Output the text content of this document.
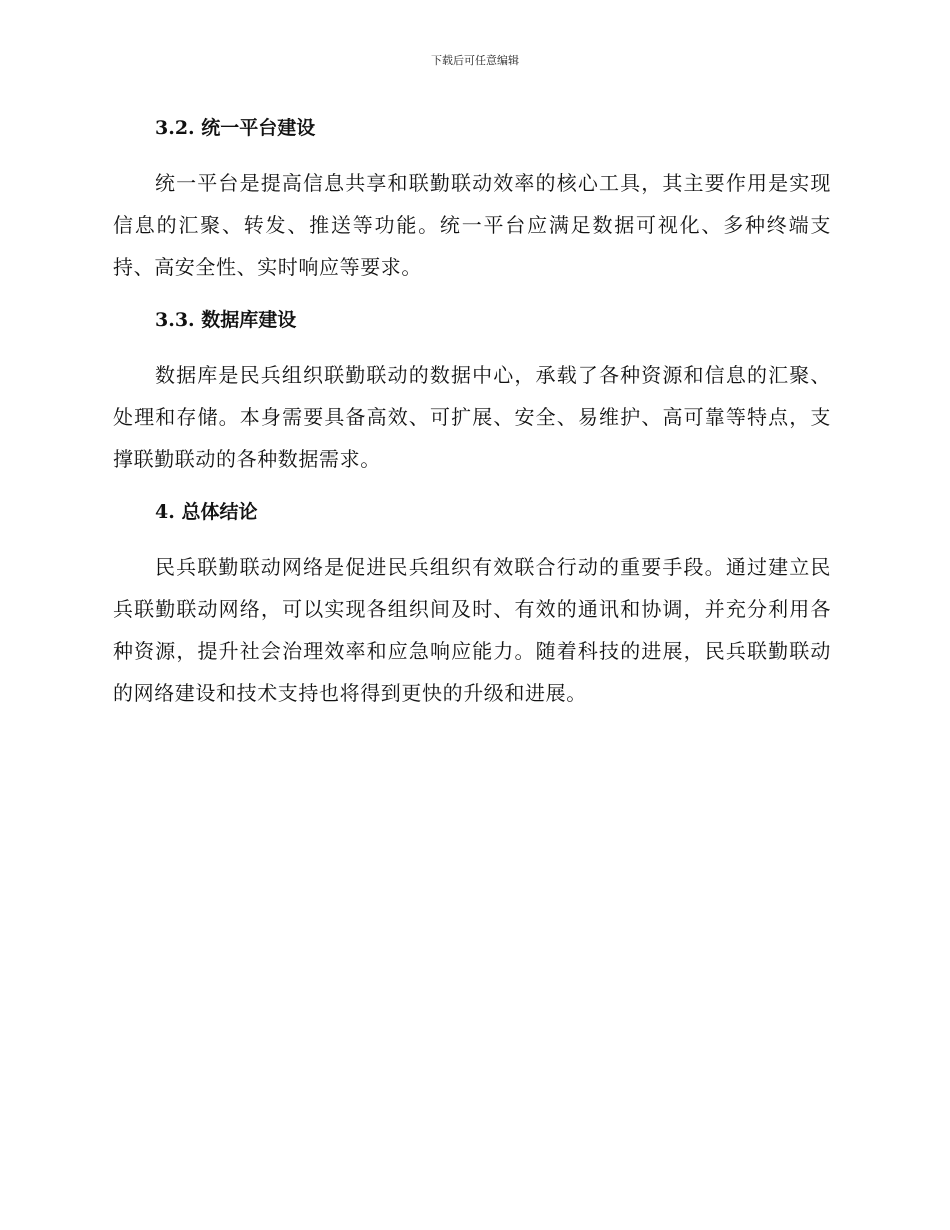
下载后可任意编辑
3.2. 统一平台建设

统一平台是提高信息共享和联勤联动效率的核心工具，其主要作用是实现信息的汇聚、转发、推送等功能。统一平台应满足数据可视化、多种终端支持、高安全性、实时响应等要求。

3.3. 数据库建设

数据库是民兵组织联勤联动的数据中心，承载了各种资源和信息的汇聚、处理和存储。本身需要具备高效、可扩展、安全、易维护、高可靠等特点，支撑联勤联动的各种数据需求。

4. 总体结论

民兵联勤联动网络是促进民兵组织有效联合行动的重要手段。通过建立民兵联勤联动网络，可以实现各组织间及时、有效的通讯和协调，并充分利用各种资源，提升社会治理效率和应急响应能力。随着科技的进展，民兵联勤联动的网络建设和技术支持也将得到更快的升级和进展。
